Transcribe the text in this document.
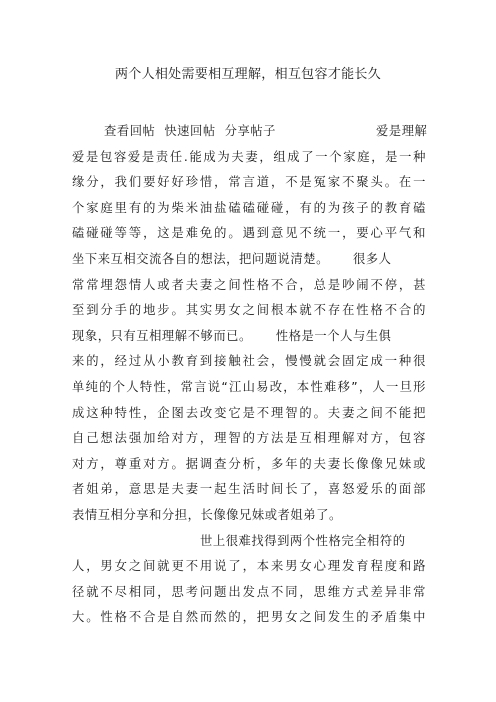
两个人相处需要相互理解，相互包容才能长久
查看回帖 快速回帖 分享帖子	爱是理解
爱是包容爱是责任.能成为夫妻，组成了一个家庭，是一种
缘分，我们要好好珍惜，常言道，不是冤家不聚头。在一
个家庭里有的为柴米油盐磕磕碰碰，有的为孩子的教育磕
磕碰碰等等，这是难免的。遇到意见不统一，要心平气和
坐下来互相交流各自的想法，把问题说清楚。 很多人
常常埋怨情人或者夫妻之间性格不合，总是吵闹不停，甚
至到分手的地步。其实男女之间根本就不存在性格不合的
现象，只有互相理解不够而已。 性格是一个人与生俱
来的，经过从小教育到接触社会，慢慢就会固定成一种很
单纯的个人特性，常言说“江山易改，本性难移”，人一旦形
成这种特性，企图去改变它是不理智的。夫妻之间不能把
自己想法强加给对方，理智的方法是互相理解对方，包容
对方，尊重对方。据调查分析，多年的夫妻长像像兄妹或
者姐弟，意思是夫妻一起生活时间长了，喜怒爱乐的面部
表情互相分享和分担，长像像兄妹或者姐弟了。
世上很难找得到两个性格完全相符的
人，男女之间就更不用说了，本来男女心理发育程度和路
径就不尽相同，思考问题出发点不同，思维方式差异非常
大。性格不合是自然而然的，把男女之间发生的矛盾集中
